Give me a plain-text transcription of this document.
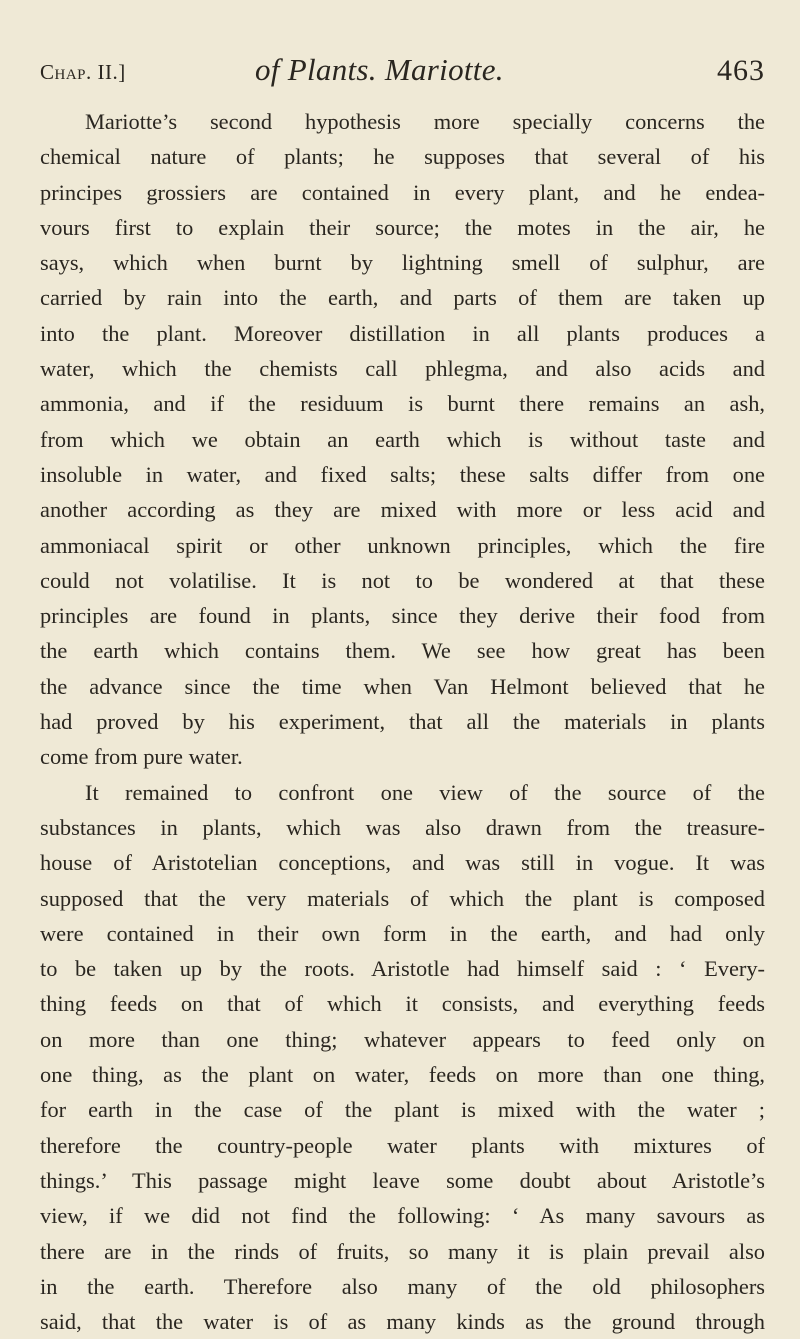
Chap. II.]	of Plants. Mariotte.	463
Mariotte’s second hypothesis more specially concerns the
chemical nature of plants; he supposes that several of his
principes grossiers are contained in every plant, and he endea-
vours first to explain their source; the motes in the air, he
says, which when burnt by lightning smell of sulphur, are
carried by rain into the earth, and parts of them are taken up
into the plant. Moreover distillation in all plants produces a
water, which the chemists call phlegma, and also acids and
ammonia, and if the residuum is burnt there remains an ash,
from which we obtain an earth which is without taste and
insoluble in water, and fixed salts; these salts differ from one
another according as they are mixed with more or less acid and
ammoniacal spirit or other unknown principles, which the fire
could not volatilise. It is not to be wondered at that these
principles are found in plants, since they derive their food from
the earth which contains them. We see how great has been
the advance since the time when Van Helmont believed that he
had proved by his experiment, that all the materials in plants
come from pure water.
It remained to confront one view of the source of the
substances in plants, which was also drawn from the treasure-
house of Aristotelian conceptions, and was still in vogue. It was
supposed that the very materials of which the plant is composed
were contained in their own form in the earth, and had only
to be taken up by the roots. Aristotle had himself said : ‘ Every-
thing feeds on that of which it consists, and everything feeds
on more than one thing; whatever appears to feed only on
one thing, as the plant on water, feeds on more than one thing,
for earth in the case of the plant is mixed with the water ;
therefore the country-people water plants with mixtures of
things.’ This passage might leave some doubt about Aristotle’s
view, if we did not find the following: ‘ As many savours as
there are in the rinds of fruits, so many it is plain prevail also
in the earth. Therefore also many of the old philosophers
said, that the water is of as many kinds as the ground through
